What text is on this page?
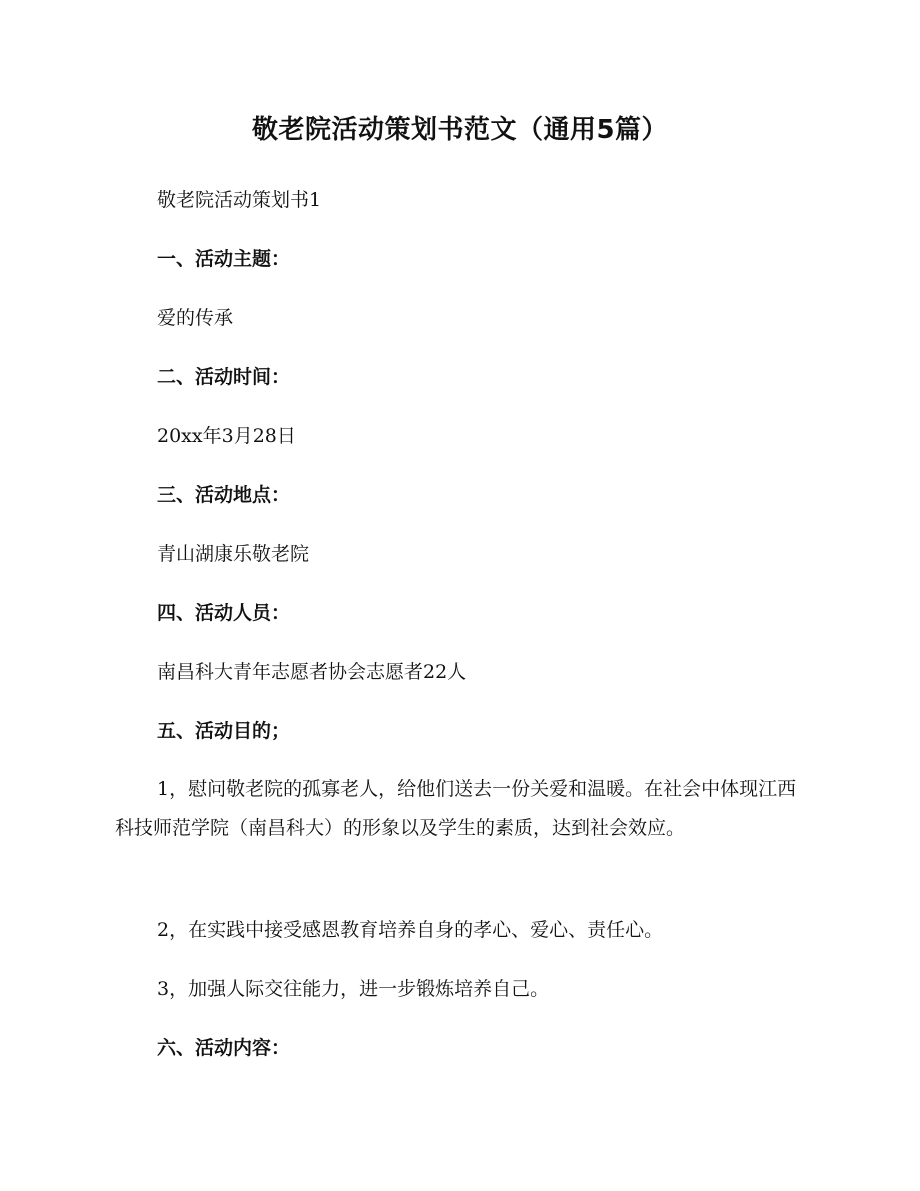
敬老院活动策划书范文（通用5篇）
敬老院活动策划书1
一、活动主题：
爱的传承
二、活动时间：
20xx年3月28日
三、活动地点：
青山湖康乐敬老院
四、活动人员：
南昌科大青年志愿者协会志愿者22人
五、活动目的；
1，慰问敬老院的孤寡老人，给他们送去一份关爱和温暖。在社会中体现江西科技师范学院（南昌科大）的形象以及学生的素质，达到社会效应。
2，在实践中接受感恩教育培养自身的孝心、爱心、责任心。
3，加强人际交往能力，进一步锻炼培养自己。
六、活动内容：
